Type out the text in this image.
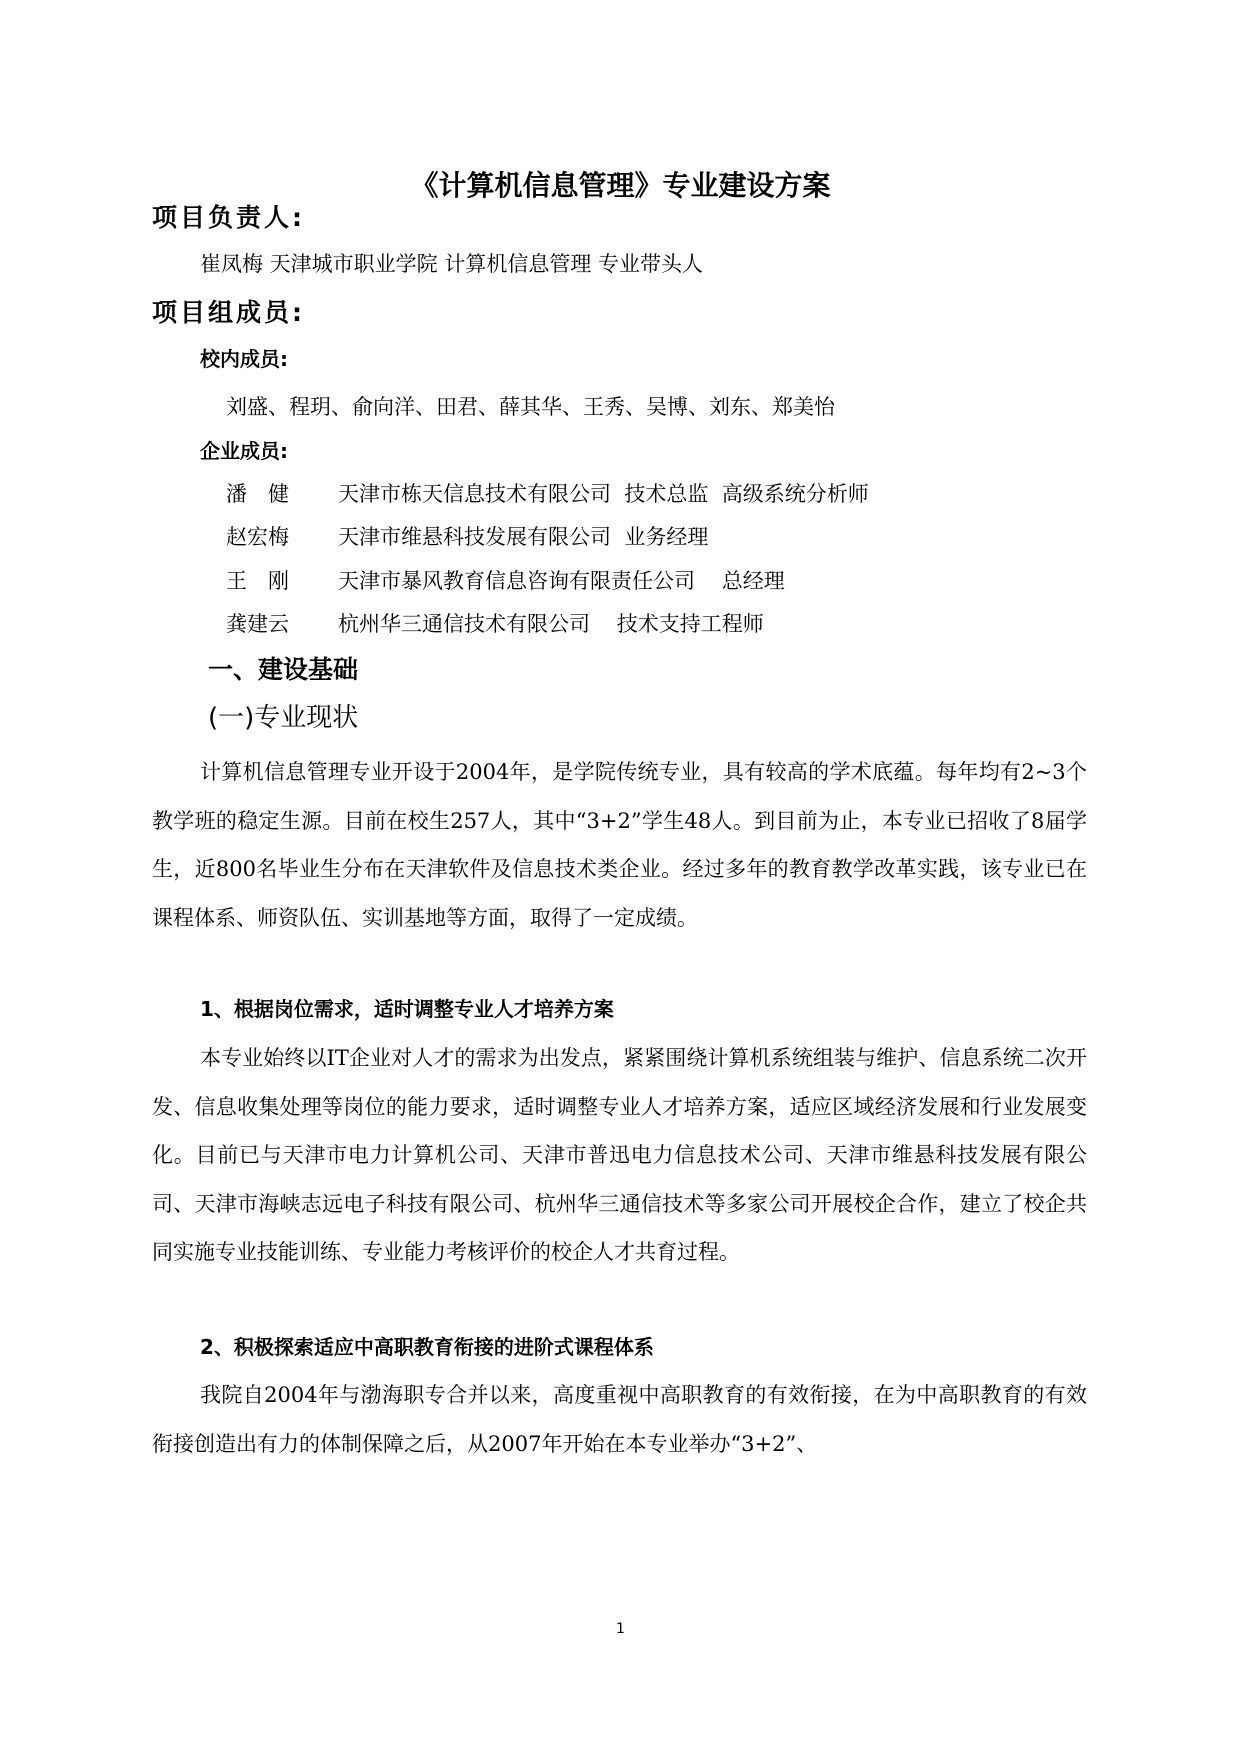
《计算机信息管理》专业建设方案
项目负责人:
崔凤梅 天津城市职业学院 计算机信息管理 专业带头人
项目组成员:
校内成员:
刘盛、程玥、俞向洋、田君、薛其华、王秀、吴博、刘东、郑美怡
企业成员:
潘　健 天津市栋天信息技术有限公司  技术总监  高级系统分析师
赵宏梅 天津市维悬科技发展有限公司  业务经理
王　刚 天津市暴风教育信息咨询有限责任公司    总经理
龚建云 杭州华三通信技术有限公司    技术支持工程师
一、建设基础
(一)专业现状
计算机信息管理专业开设于2004年，是学院传统专业，具有较高的学术底蕴。每年均有2~3个教学班的稳定生源。目前在校生257人，其中“3+2”学生48人。到目前为止，本专业已招收了8届学生，近800名毕业生分布在天津软件及信息技术类企业。经过多年的教育教学改革实践，该专业已在课程体系、师资队伍、实训基地等方面，取得了一定成绩。
1、根据岗位需求，适时调整专业人才培养方案
本专业始终以IT企业对人才的需求为出发点，紧紧围绕计算机系统组装与维护、信息系统二次开发、信息收集处理等岗位的能力要求，适时调整专业人才培养方案，适应区域经济发展和行业发展变化。目前已与天津市电力计算机公司、天津市普迅电力信息技术公司、天津市维悬科技发展有限公司、天津市海峡志远电子科技有限公司、杭州华三通信技术等多家公司开展校企合作，建立了校企共同实施专业技能训练、专业能力考核评价的校企人才共育过程。
2、积极探索适应中高职教育衔接的进阶式课程体系
我院自2004年与渤海职专合并以来，高度重视中高职教育的有效衔接，在为中高职教育的有效衔接创造出有力的体制保障之后，从2007年开始在本专业举办“3+2”、
1
